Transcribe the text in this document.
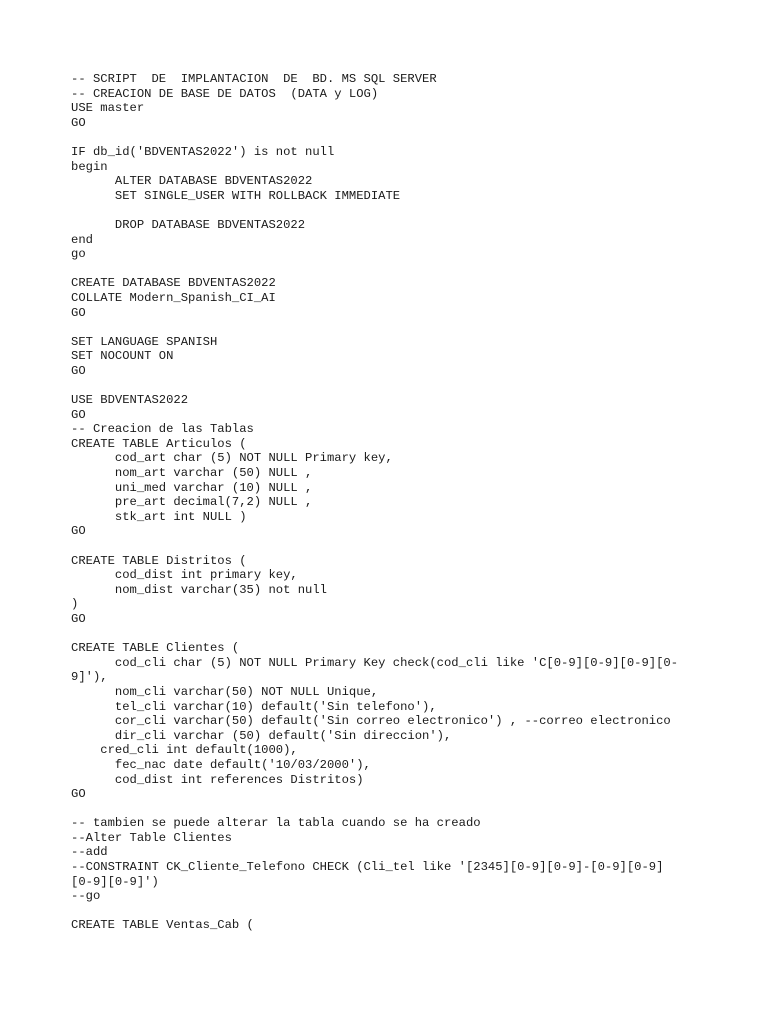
-- SCRIPT  DE  IMPLANTACION  DE  BD. MS SQL SERVER
-- CREACION DE BASE DE DATOS  (DATA y LOG)
USE master
GO
IF db_id('BDVENTAS2022') is not null
begin
ALTER DATABASE BDVENTAS2022
SET SINGLE_USER WITH ROLLBACK IMMEDIATE
DROP DATABASE BDVENTAS2022
end
go
CREATE DATABASE BDVENTAS2022
COLLATE Modern_Spanish_CI_AI
GO
SET LANGUAGE SPANISH
SET NOCOUNT ON
GO
USE BDVENTAS2022
GO
-- Creacion de las Tablas
CREATE TABLE Articulos (
cod_art char (5) NOT NULL Primary key,
nom_art varchar (50) NULL ,
uni_med varchar (10) NULL ,
pre_art decimal(7,2) NULL ,
stk_art int NULL )
GO
CREATE TABLE Distritos (
cod_dist int primary key,
nom_dist varchar(35) not null
)
GO
CREATE TABLE Clientes (
cod_cli char (5) NOT NULL Primary Key check(cod_cli like 'C[0-9][0-9][0-9][0-
9]'),
nom_cli varchar(50) NOT NULL Unique,
tel_cli varchar(10) default('Sin telefono'),
cor_cli varchar(50) default('Sin correo electronico') , --correo electronico
dir_cli varchar (50) default('Sin direccion'),
cred_cli int default(1000),
fec_nac date default('10/03/2000'),
cod_dist int references Distritos)
GO
-- tambien se puede alterar la tabla cuando se ha creado
--Alter Table Clientes
--add
--CONSTRAINT CK_Cliente_Telefono CHECK (Cli_tel like '[2345][0-9][0-9]-[0-9][0-9]
[0-9][0-9]')
--go
CREATE TABLE Ventas_Cab (
